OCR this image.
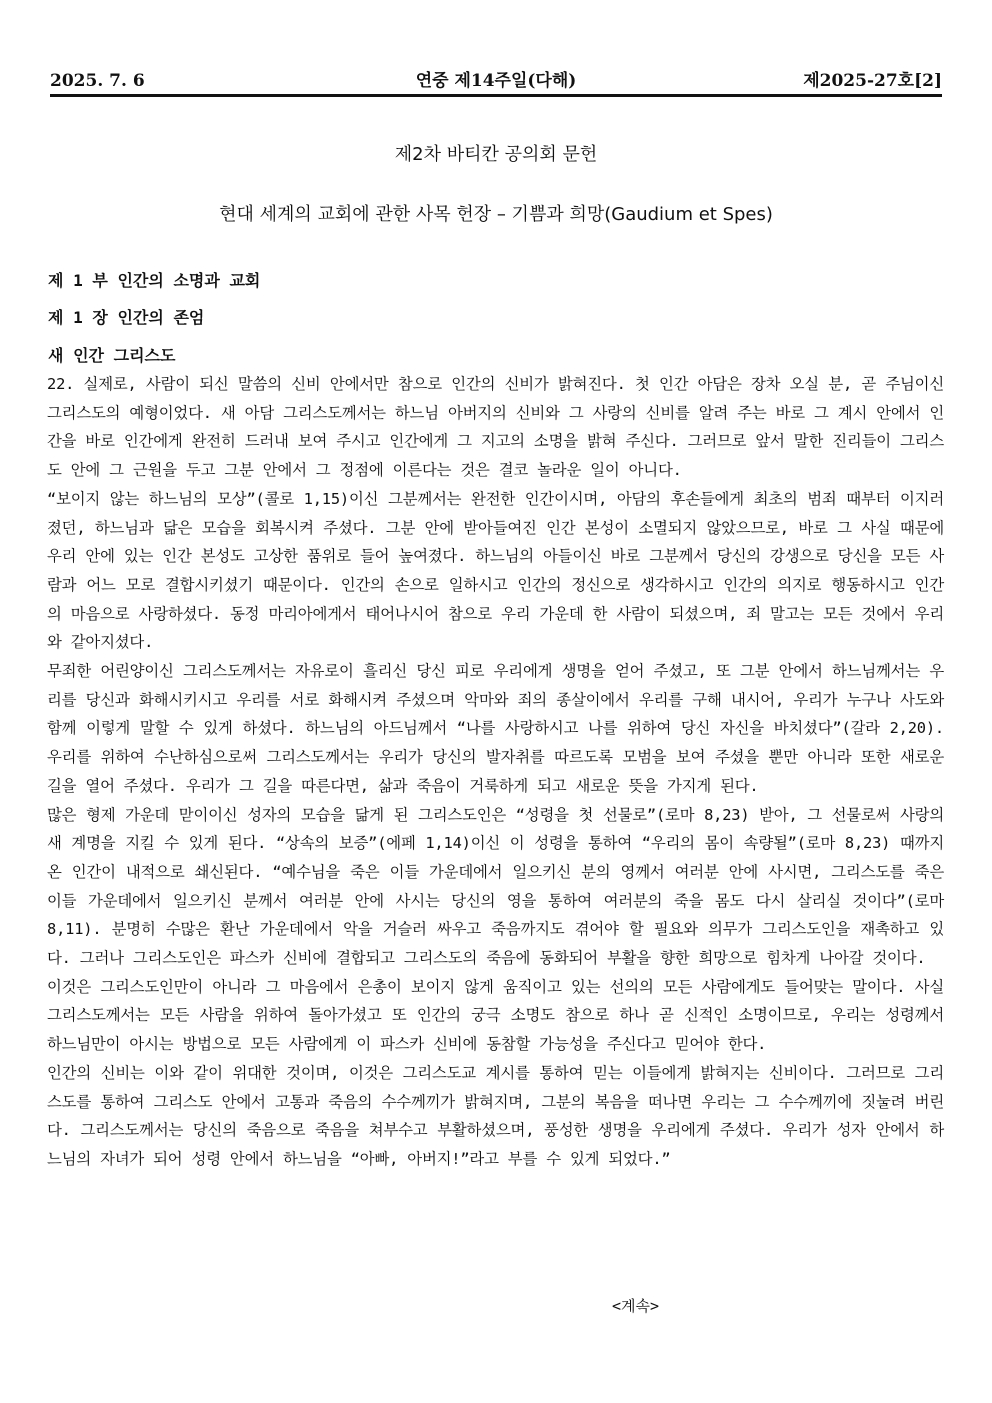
2025. 7. 6	연중 제14주일(다해)	제2025-27호[2]
제2차 바티칸 공의회 문헌
현대 세계의 교회에 관한 사목 헌장 – 기쁨과 희망(Gaudium et Spes)
제 1 부 인간의 소명과 교회
제 1 장 인간의 존엄
새 인간 그리스도

22. 실제로, 사람이 되신 말씀의 신비 안에서만 참으로 인간의 신비가 밝혀진다. 첫 인간 아담은 장차 오실 분, 곧 주님이신 그리스도의 예형이었다. 새 아담 그리스도께서는 하느님 아버지의 신비와 그 사랑의 신비를 알려 주는 바로 그 계시 안에서 인간을 바로 인간에게 완전히 드러내 보여 주시고 인간에게 그 지고의 소명을 밝혀 주신다. 그러므로 앞서 말한 진리들이 그리스도 안에 그 근원을 두고 그분 안에서 그 정점에 이른다는 것은 결코 놀라운 일이 아니다.

“보이지 않는 하느님의 모상”(콜로 1,15)이신 그분께서는 완전한 인간이시며, 아담의 후손들에게 최초의 범죄 때부터 이지러졌던, 하느님과 닮은 모습을 회복시켜 주셨다. 그분 안에 받아들여진 인간 본성이 소멸되지 않았으므로, 바로 그 사실 때문에 우리 안에 있는 인간 본성도 고상한 품위로 들어 높여졌다. 하느님의 아들이신 바로 그분께서 당신의 강생으로 당신을 모든 사람과 어느 모로 결합시키셨기 때문이다. 인간의 손으로 일하시고 인간의 정신으로 생각하시고 인간의 의지로 행동하시고 인간의 마음으로 사랑하셨다. 동정 마리아에게서 태어나시어 참으로 우리 가운데 한 사람이 되셨으며, 죄 말고는 모든 것에서 우리와 같아지셨다.

무죄한 어린양이신 그리스도께서는 자유로이 흘리신 당신 피로 우리에게 생명을 얻어 주셨고, 또 그분 안에서 하느님께서는 우리를 당신과 화해시키시고 우리를 서로 화해시켜 주셨으며 악마와 죄의 종살이에서 우리를 구해 내시어, 우리가 누구나 사도와 함께 이렇게 말할 수 있게 하셨다. 하느님의 아드님께서 “나를 사랑하시고 나를 위하여 당신 자신을 바치셨다”(갈라 2,20). 우리를 위하여 수난하심으로써 그리스도께서는 우리가 당신의 발자취를 따르도록 모범을 보여 주셨을 뿐만 아니라 또한 새로운 길을 열어 주셨다. 우리가 그 길을 따른다면, 삶과 죽음이 거룩하게 되고 새로운 뜻을 가지게 된다.

많은 형제 가운데 맏이이신 성자의 모습을 닮게 된 그리스도인은 “성령을 첫 선물로”(로마 8,23) 받아, 그 선물로써 사랑의 새 계명을 지킬 수 있게 된다. “상속의 보증”(에페 1,14)이신 이 성령을 통하여 “우리의 몸이 속량될”(로마 8,23) 때까지 온 인간이 내적으로 쇄신된다. “예수님을 죽은 이들 가운데에서 일으키신 분의 영께서 여러분 안에 사시면, 그리스도를 죽은 이들 가운데에서 일으키신 분께서 여러분 안에 사시는 당신의 영을 통하여 여러분의 죽을 몸도 다시 살리실 것이다”(로마 8,11). 분명히 수많은 환난 가운데에서 악을 거슬러 싸우고 죽음까지도 겪어야 할 필요와 의무가 그리스도인을 재촉하고 있다. 그러나 그리스도인은 파스카 신비에 결합되고 그리스도의 죽음에 동화되어 부활을 향한 희망으로 힘차게 나아갈 것이다.

이것은 그리스도인만이 아니라 그 마음에서 은총이 보이지 않게 움직이고 있는 선의의 모든 사람에게도 들어맞는 말이다. 사실 그리스도께서는 모든 사람을 위하여 돌아가셨고 또 인간의 궁극 소명도 참으로 하나 곧 신적인 소명이므로, 우리는 성령께서 하느님만이 아시는 방법으로 모든 사람에게 이 파스카 신비에 동참할 가능성을 주신다고 믿어야 한다.

인간의 신비는 이와 같이 위대한 것이며, 이것은 그리스도교 계시를 통하여 믿는 이들에게 밝혀지는 신비이다. 그러므로 그리스도를 통하여 그리스도 안에서 고통과 죽음의 수수께끼가 밝혀지며, 그분의 복음을 떠나면 우리는 그 수수께끼에 짓눌려 버린다. 그리스도께서는 당신의 죽음으로 죽음을 쳐부수고 부활하셨으며, 풍성한 생명을 우리에게 주셨다. 우리가 성자 안에서 하느님의 자녀가 되어 성령 안에서 하느님을 “아빠, 아버지!”라고 부를 수 있게 되었다.”

<계속>
